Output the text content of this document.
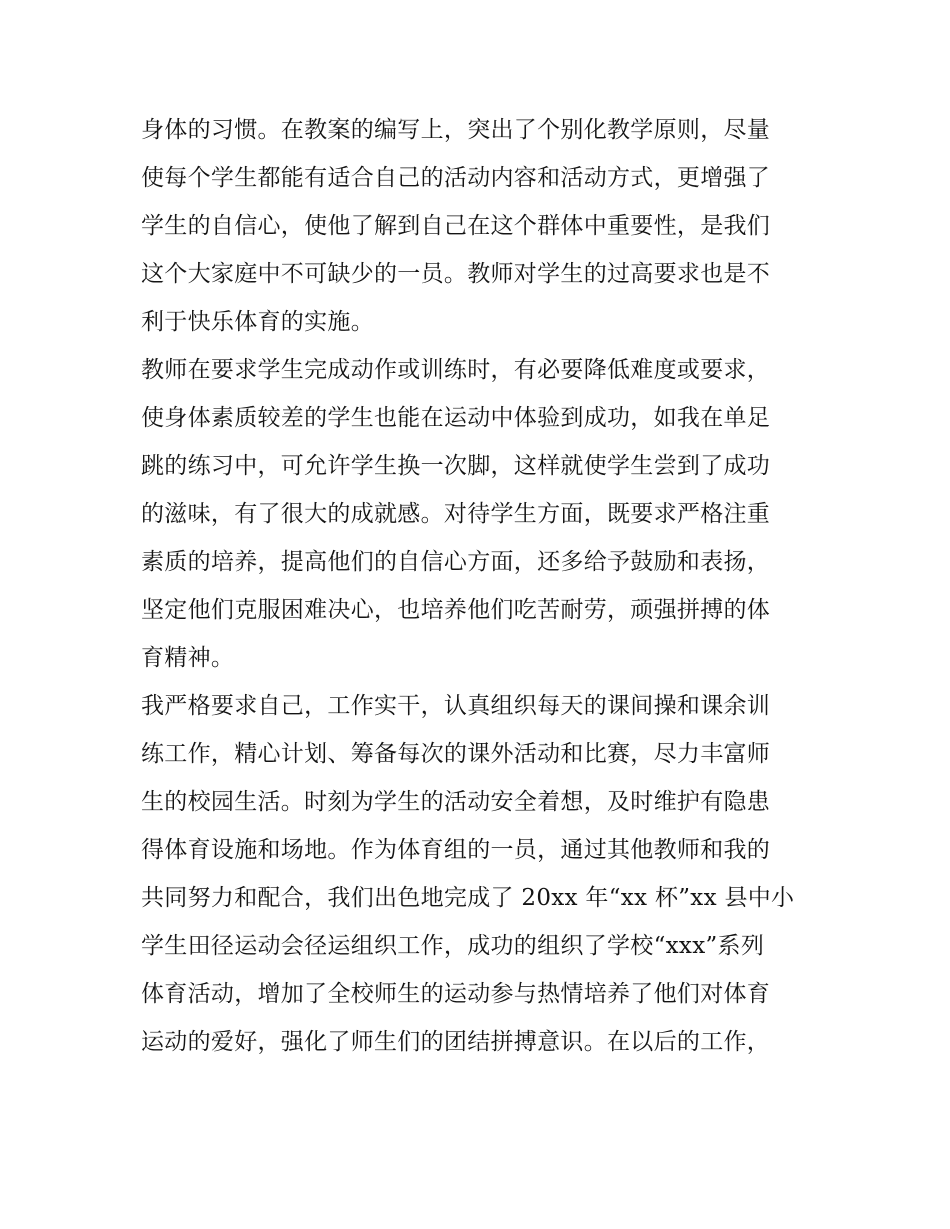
身体的习惯。在教案的编写上，突出了个别化教学原则，尽量
使每个学生都能有适合自己的活动内容和活动方式，更增强了
学生的自信心，使他了解到自己在这个群体中重要性，是我们
这个大家庭中不可缺少的一员。教师对学生的过高要求也是不
利于快乐体育的实施。
教师在要求学生完成动作或训练时，有必要降低难度或要求，
使身体素质较差的学生也能在运动中体验到成功，如我在单足
跳的练习中，可允许学生换一次脚，这样就使学生尝到了成功
的滋味，有了很大的成就感。对待学生方面，既要求严格注重
素质的培养，提高他们的自信心方面，还多给予鼓励和表扬，
坚定他们克服困难决心，也培养他们吃苦耐劳，顽强拼搏的体
育精神。
我严格要求自己，工作实干，认真组织每天的课间操和课余训
练工作，精心计划、筹备每次的课外活动和比赛，尽力丰富师
生的校园生活。时刻为学生的活动安全着想，及时维护有隐患
得体育设施和场地。作为体育组的一员，通过其他教师和我的
共同努力和配合，我们出色地完成了 20xx 年“xx 杯”xx 县中小
学生田径运动会径运组织工作，成功的组织了学校“xxx”系列
体育活动，增加了全校师生的运动参与热情培养了他们对体育
运动的爱好，强化了师生们的团结拼搏意识。在以后的工作，
